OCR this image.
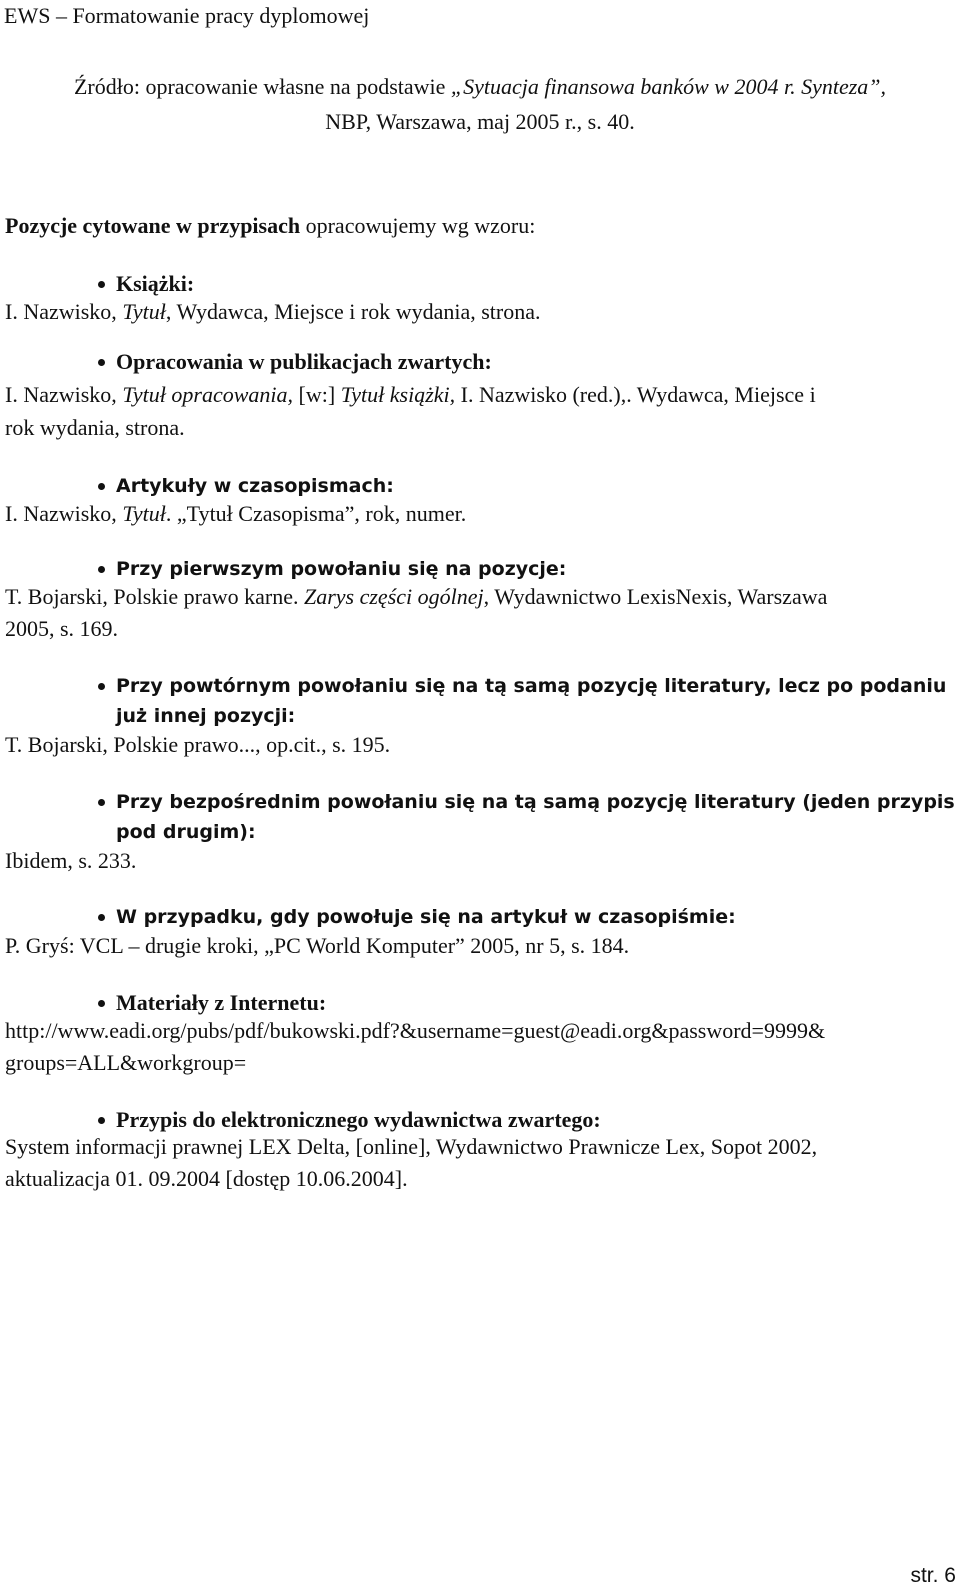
EWS – Formatowanie pracy dyplomowej
Źródło: opracowanie własne na podstawie „Sytuacja finansowa banków w 2004 r. Synteza”,
NBP, Warszawa, maj 2005 r., s. 40.
Pozycje cytowane w przypisach opracowujemy wg wzoru:
Książki:
I. Nazwisko, Tytuł, Wydawca, Miejsce i rok wydania, strona.
Opracowania w publikacjach zwartych:
I. Nazwisko, Tytuł opracowania, [w:] Tytuł książki, I. Nazwisko (red.),. Wydawca, Miejsce i
rok wydania, strona.
Artykuły w czasopismach:
I. Nazwisko, Tytuł. „Tytuł Czasopisma”, rok, numer.
Przy pierwszym powołaniu się na pozycje:
T. Bojarski, Polskie prawo karne. Zarys części ogólnej, Wydawnictwo LexisNexis, Warszawa
2005, s. 169.
Przy powtórnym powołaniu się na tą samą pozycję literatury, lecz po podaniu
już innej pozycji:
T. Bojarski, Polskie prawo..., op.cit., s. 195.
Przy bezpośrednim powołaniu się na tą samą pozycję literatury (jeden przypis
pod drugim):
Ibidem, s. 233.
W przypadku, gdy powołuje się na artykuł w czasopiśmie:
P. Gryś: VCL – drugie kroki, „PC World Komputer” 2005, nr 5, s. 184.
Materiały z Internetu:
http://www.eadi.org/pubs/pdf/bukowski.pdf?&username=guest@eadi.org&password=9999&
groups=ALL&workgroup=
Przypis do elektronicznego wydawnictwa zwartego:
System informacji prawnej LEX Delta, [online], Wydawnictwo Prawnicze Lex, Sopot 2002,
aktualizacja 01. 09.2004 [dostęp 10.06.2004].
str. 6
